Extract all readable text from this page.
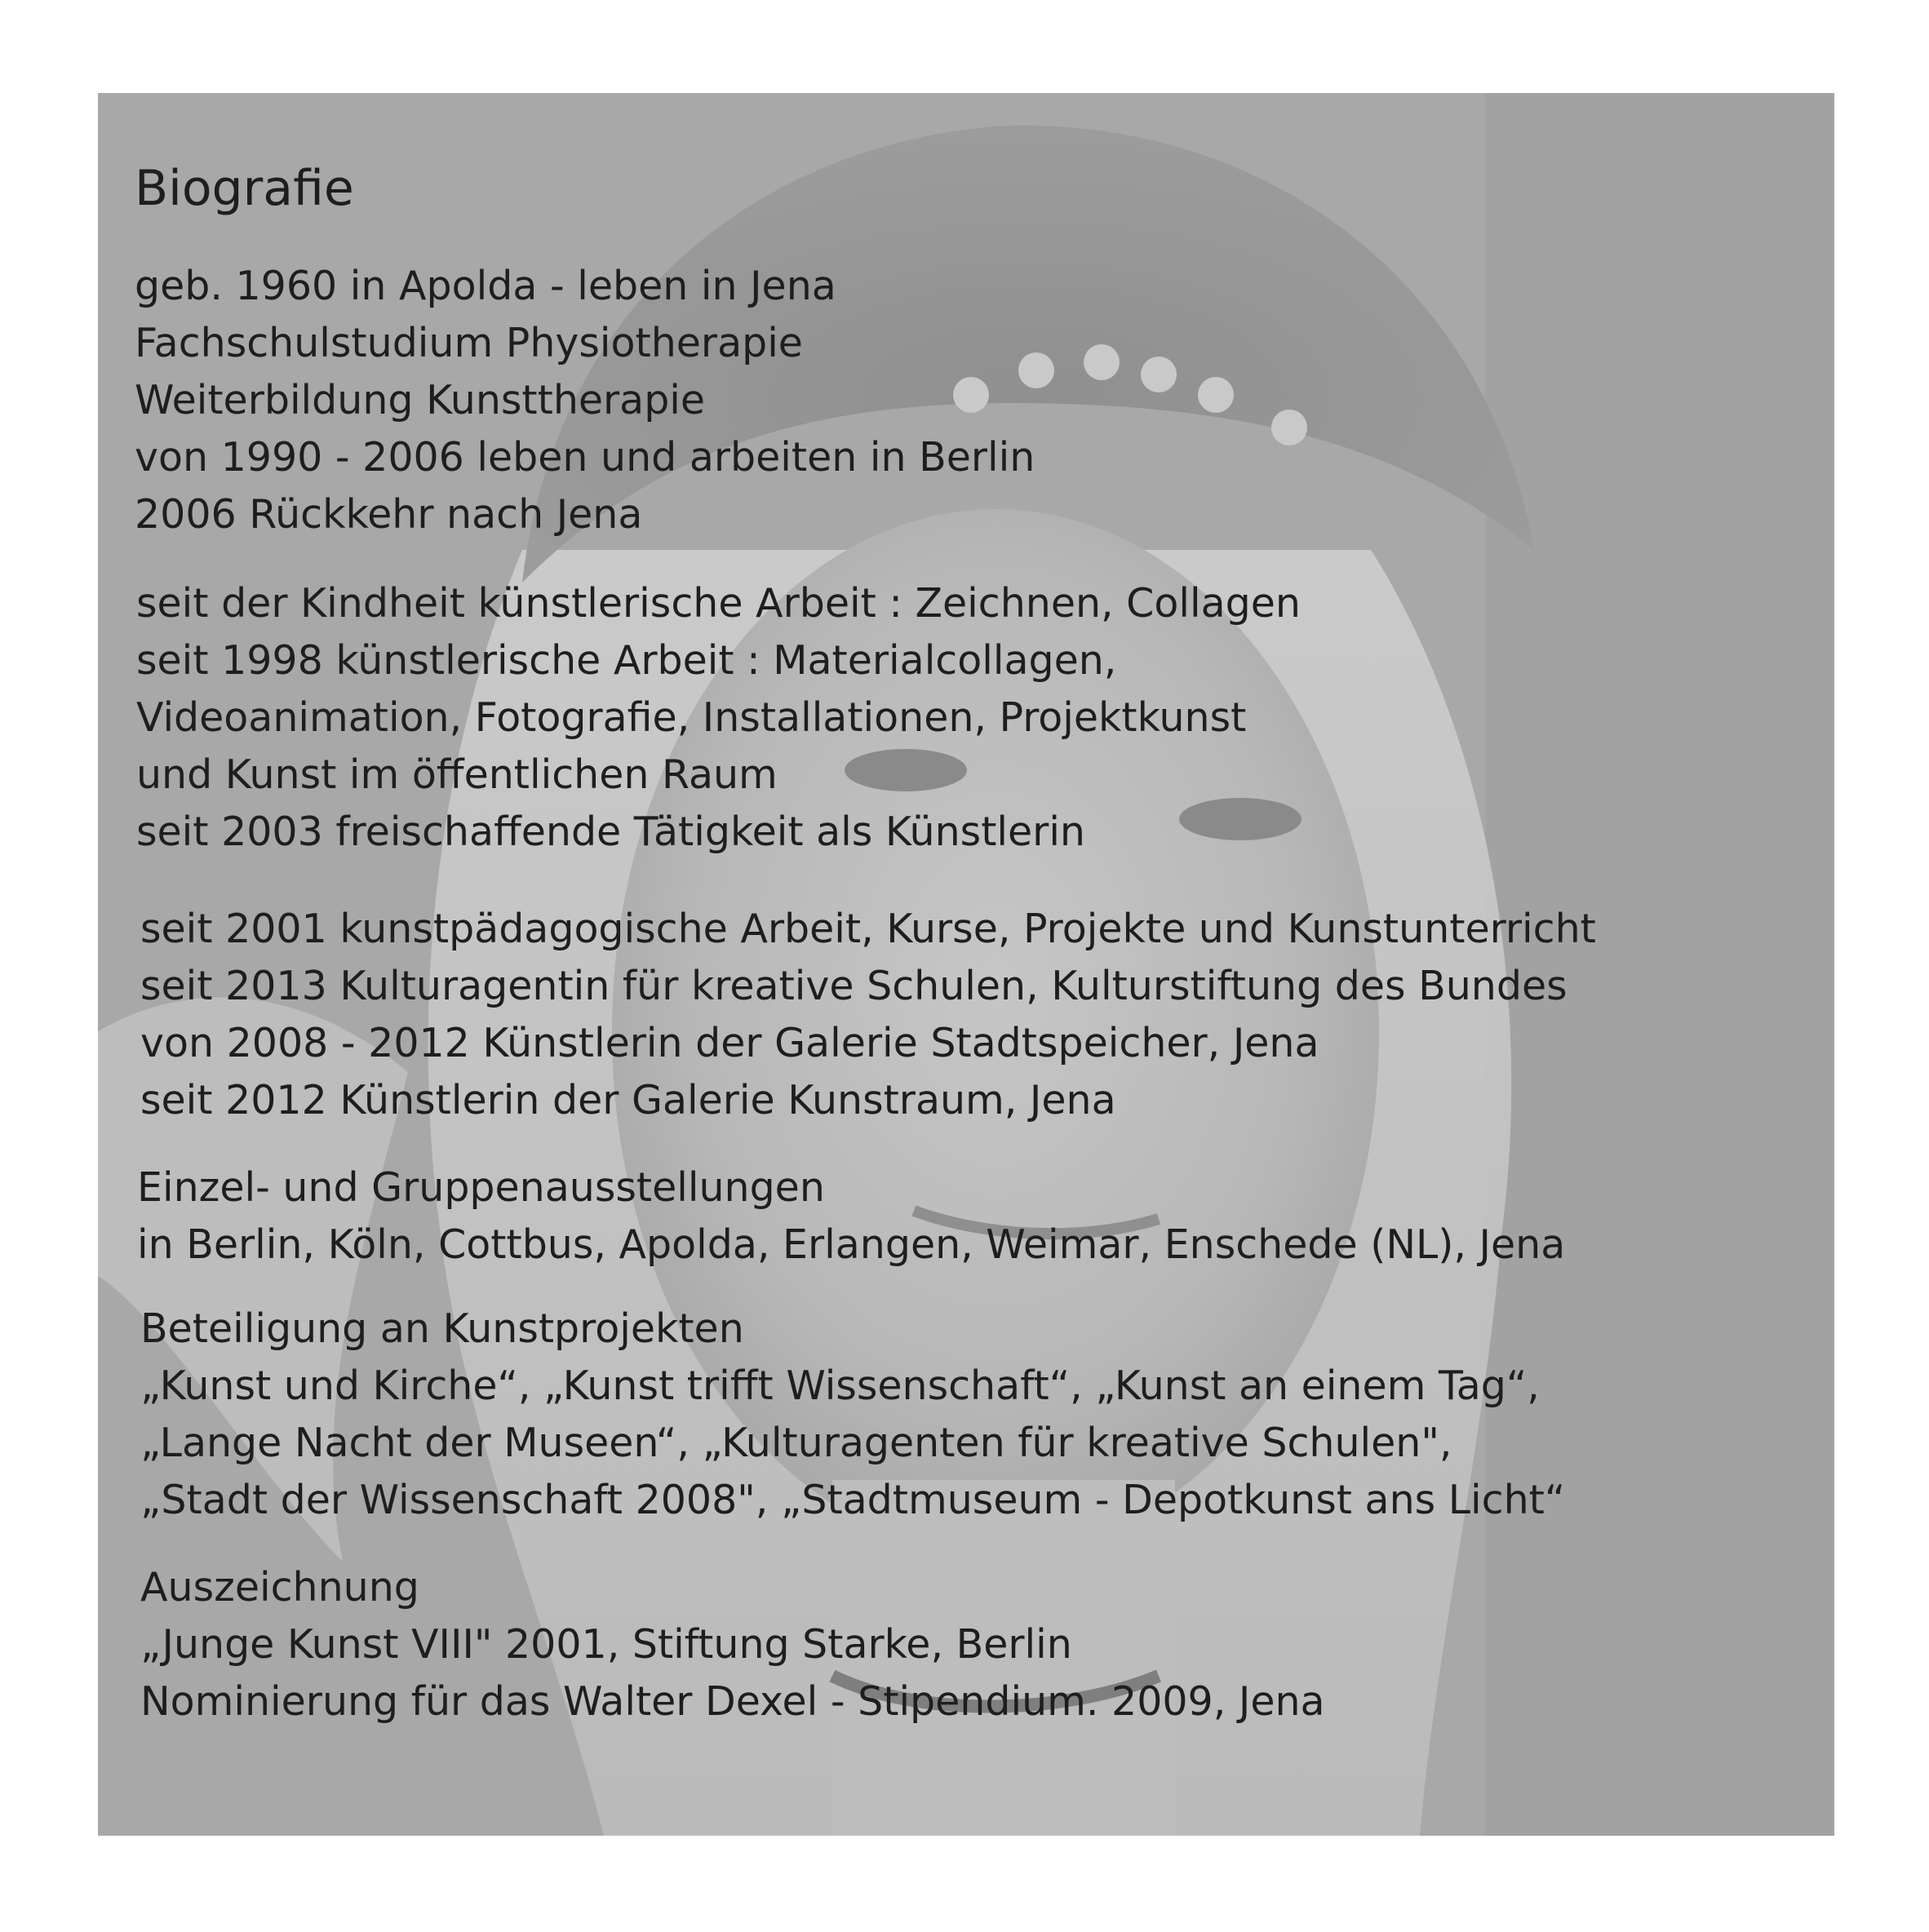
Biografie
geb. 1960 in Apolda - leben in Jena
Fachschulstudium Physiotherapie
Weiterbildung Kunsttherapie
von 1990 - 2006 leben und arbeiten in Berlin
2006 Rückkehr nach Jena
seit der Kindheit künstlerische Arbeit : Zeichnen, Collagen
seit 1998 künstlerische Arbeit : Materialcollagen,
Videoanimation, Fotografie, Installationen, Projektkunst
und Kunst im öffentlichen Raum
seit 2003 freischaffende Tätigkeit als Künstlerin
seit 2001 kunstpädagogische Arbeit, Kurse, Projekte und Kunstunterricht
seit 2013 Kulturagentin für kreative Schulen, Kulturstiftung des Bundes
von 2008 - 2012 Künstlerin der Galerie Stadtspeicher, Jena
seit 2012 Künstlerin der Galerie Kunstraum, Jena
Einzel- und Gruppenausstellungen
in Berlin, Köln, Cottbus, Apolda, Erlangen, Weimar, Enschede (NL), Jena
Beteiligung an Kunstprojekten
„Kunst und Kirche“, „Kunst trifft Wissenschaft“, „Kunst an einem Tag“,
„Lange Nacht der Museen“, „Kulturagenten für kreative Schulen",
„Stadt der Wissenschaft 2008", „Stadtmuseum - Depotkunst ans Licht“
Auszeichnung
„Junge Kunst VIII" 2001, Stiftung Starke, Berlin
Nominierung für das Walter Dexel - Stipendium. 2009, Jena
